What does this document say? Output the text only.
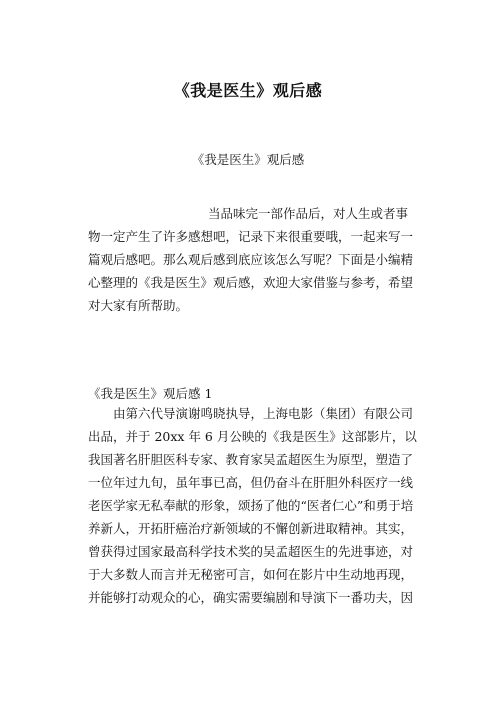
《我是医生》观后感
《我是医生》观后感

当品味完一部作品后，对人生或者事
物一定产生了许多感想吧，记录下来很重要哦，一起来写一
篇观后感吧。那么观后感到底应该怎么写呢？下面是小编精
心整理的《我是医生》观后感，欢迎大家借鉴与参考，希望
对大家有所帮助。

《我是医生》观后感 1

由第六代导演谢鸣晓执导，上海电影（集团）有限公司
出品，并于 20xx 年 6 月公映的《我是医生》这部影片，以
我国著名肝胆医科专家、教育家吴孟超医生为原型，塑造了
一位年过九旬，虽年事已高，但仍奋斗在肝胆外科医疗一线
老医学家无私奉献的形象，颂扬了他的“医者仁心”和勇于培
养新人，开拓肝癌治疗新领域的不懈创新进取精神。其实，
曾获得过国家最高科学技术奖的吴孟超医生的先进事迹，对
于大多数人而言并无秘密可言，如何在影片中生动地再现，
并能够打动观众的心，确实需要编剧和导演下一番功夫，因
